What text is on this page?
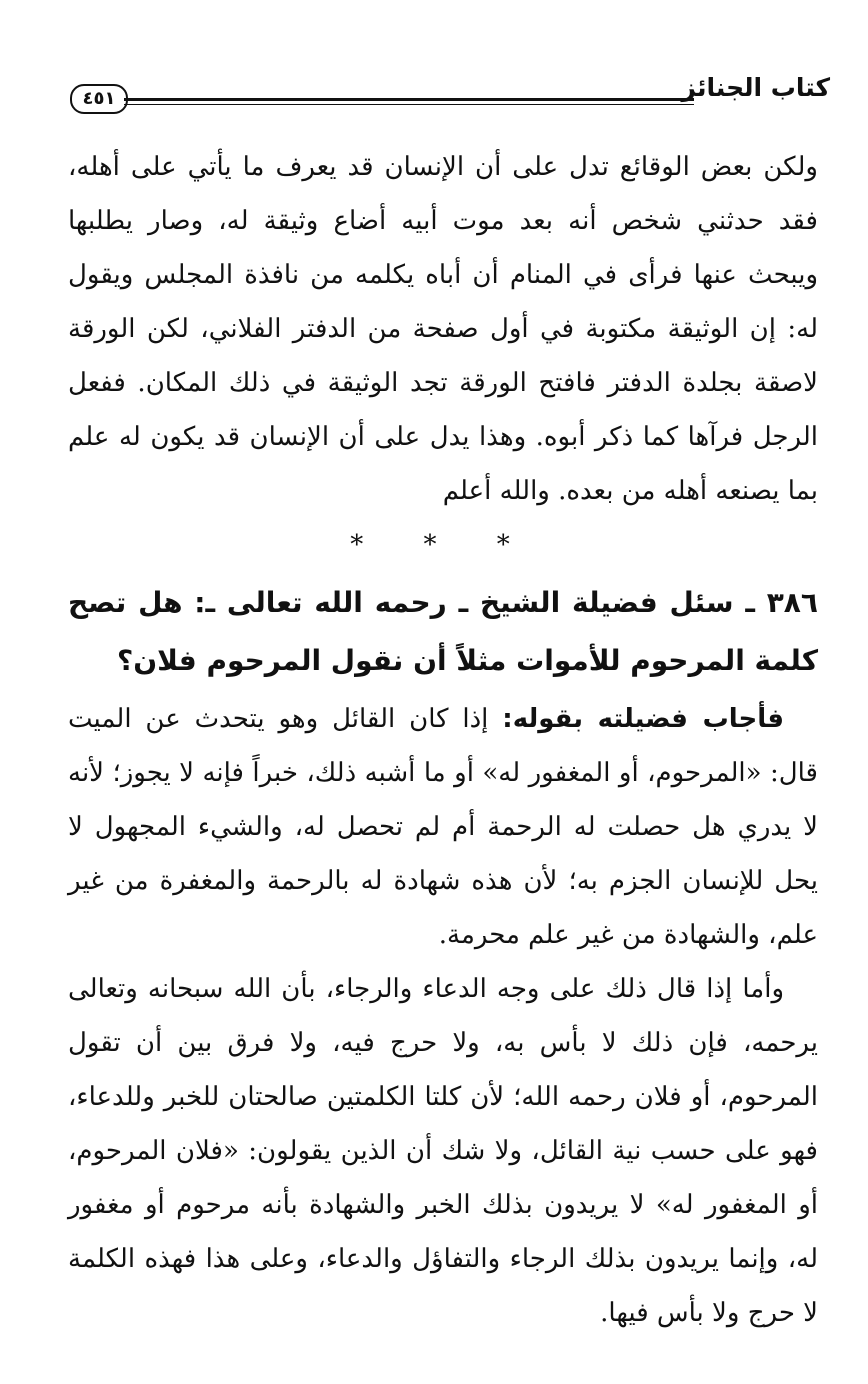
كتاب الجنائز
٤٥١

ولكن بعض الوقائع تدل على أن الإنسان قد يعرف ما يأتي على أهله، فقد حدثني شخص أنه بعد موت أبيه أضاع وثيقة له، وصار يطلبها ويبحث عنها فرأى في المنام أن أباه يكلمه من نافذة المجلس ويقول له: إن الوثيقة مكتوبة في أول صفحة من الدفتر الفلاني، لكن الورقة لاصقة بجلدة الدفتر فافتح الورقة تجد الوثيقة في ذلك المكان. ففعل الرجل فرآها كما ذكر أبوه. وهذا يدل على أن الإنسان قد يكون له علم بما يصنعه أهله من بعده. والله أعلم

* * *

٣٨٦ ـ سئل فضيلة الشيخ ـ رحمه الله تعالى ـ: هل تصح كلمة المرحوم للأموات مثلاً أن نقول المرحوم فلان؟

فأجاب فضيلته بقوله: إذا كان القائل وهو يتحدث عن الميت قال: «المرحوم، أو المغفور له» أو ما أشبه ذلك، خبراً فإنه لا يجوز؛ لأنه لا يدري هل حصلت له الرحمة أم لم تحصل له، والشيء المجهول لا يحل للإنسان الجزم به؛ لأن هذه شهادة له بالرحمة والمغفرة من غير علم، والشهادة من غير علم محرمة.

وأما إذا قال ذلك على وجه الدعاء والرجاء، بأن الله سبحانه وتعالى يرحمه، فإن ذلك لا بأس به، ولا حرج فيه، ولا فرق بين أن تقول المرحوم، أو فلان رحمه الله؛ لأن كلتا الكلمتين صالحتان للخبر وللدعاء، فهو على حسب نية القائل، ولا شك أن الذين يقولون: «فلان المرحوم، أو المغفور له» لا يريدون بذلك الخبر والشهادة بأنه مرحوم أو مغفور له، وإنما يريدون بذلك الرجاء والتفاؤل والدعاء، وعلى هذا فهذه الكلمة لا حرج ولا بأس فيها.
